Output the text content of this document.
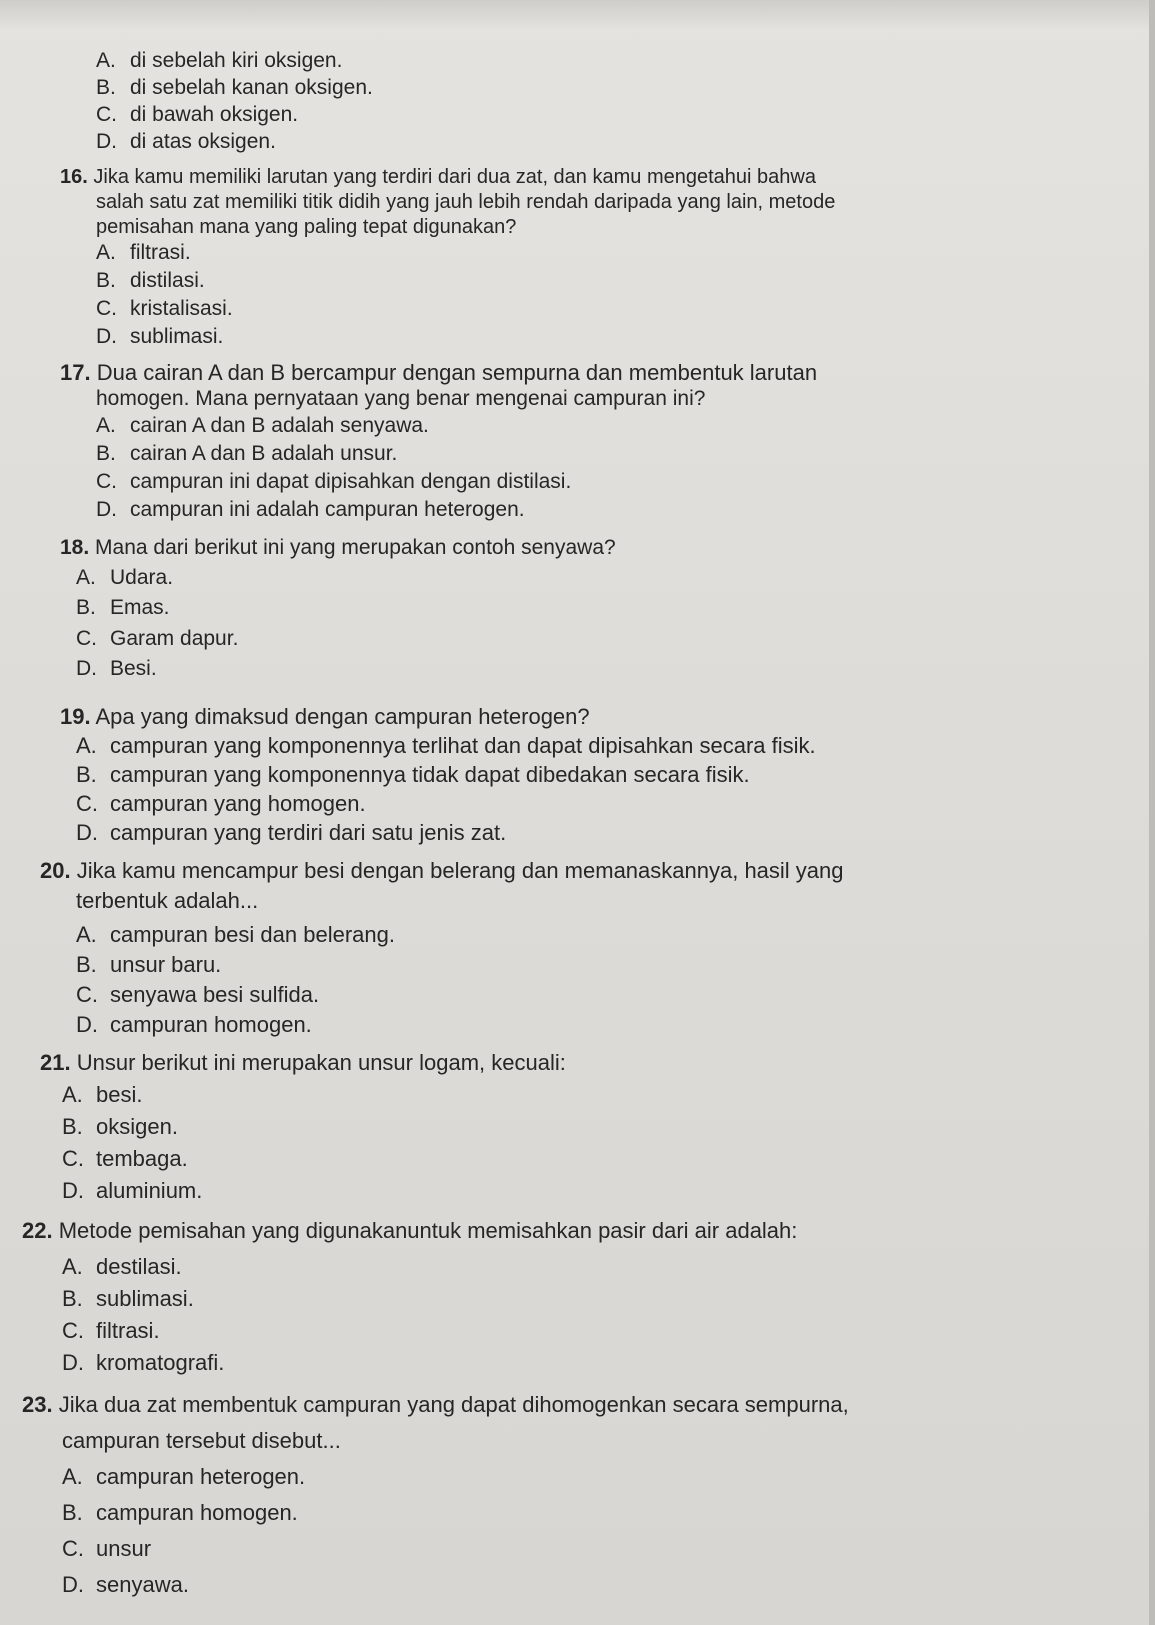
A. di sebelah kiri oksigen.
B. di sebelah kanan oksigen.
C. di bawah oksigen.
D. di atas oksigen.
16. Jika kamu memiliki larutan yang terdiri dari dua zat, dan kamu mengetahui bahwa
salah satu zat memiliki titik didih yang jauh lebih rendah daripada yang lain, metode
pemisahan mana yang paling tepat digunakan?
A. filtrasi.
B. distilasi.
C. kristalisasi.
D. sublimasi.
17. Dua cairan A dan B bercampur dengan sempurna dan membentuk larutan
homogen. Mana pernyataan yang benar mengenai campuran ini?
A. cairan A dan B adalah senyawa.
B. cairan A dan B adalah unsur.
C. campuran ini dapat dipisahkan dengan distilasi.
D. campuran ini adalah campuran heterogen.
18. Mana dari berikut ini yang merupakan contoh senyawa?
A. Udara.
B. Emas.
C. Garam dapur.
D. Besi.
19. Apa yang dimaksud dengan campuran heterogen?
A. campuran yang komponennya terlihat dan dapat dipisahkan secara fisik.
B. campuran yang komponennya tidak dapat dibedakan secara fisik.
C. campuran yang homogen.
D. campuran yang terdiri dari satu jenis zat.
20. Jika kamu mencampur besi dengan belerang dan memanaskannya, hasil yang
terbentuk adalah...
A. campuran besi dan belerang.
B. unsur baru.
C. senyawa besi sulfida.
D. campuran homogen.
21. Unsur berikut ini merupakan unsur logam, kecuali:
A. besi.
B. oksigen.
C. tembaga.
D. aluminium.
22. Metode pemisahan yang digunakanuntuk memisahkan pasir dari air adalah:
A. destilasi.
B. sublimasi.
C. filtrasi.
D. kromatografi.
23. Jika dua zat membentuk campuran yang dapat dihomogenkan secara sempurna,
campuran tersebut disebut...
A. campuran heterogen.
B. campuran homogen.
C. unsur
D. senyawa.
